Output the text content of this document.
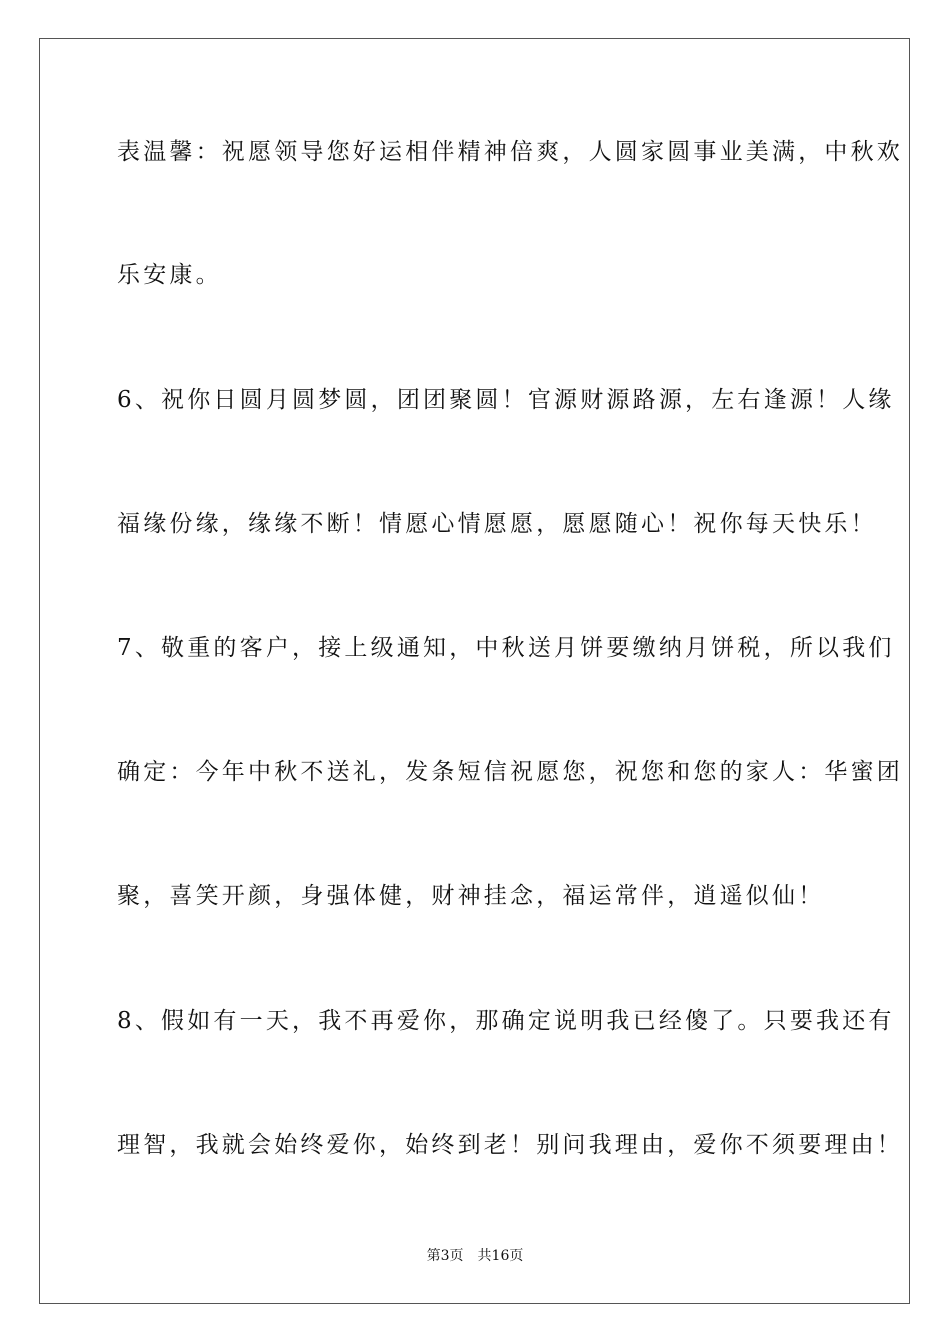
表温馨：祝愿领导您好运相伴精神倍爽，人圆家圆事业美满，中秋欢
乐安康。
6、祝你日圆月圆梦圆，团团聚圆！官源财源路源，左右逢源！人缘
福缘份缘，缘缘不断！情愿心情愿愿，愿愿随心！祝你每天快乐！
7、敬重的客户，接上级通知，中秋送月饼要缴纳月饼税，所以我们
确定：今年中秋不送礼，发条短信祝愿您，祝您和您的家人：华蜜团
聚，喜笑开颜，身强体健，财神挂念，福运常伴，逍遥似仙！
8、假如有一天，我不再爱你，那确定说明我已经傻了。只要我还有
理智，我就会始终爱你，始终到老！别问我理由，爱你不须要理由！
第3页 共16页
